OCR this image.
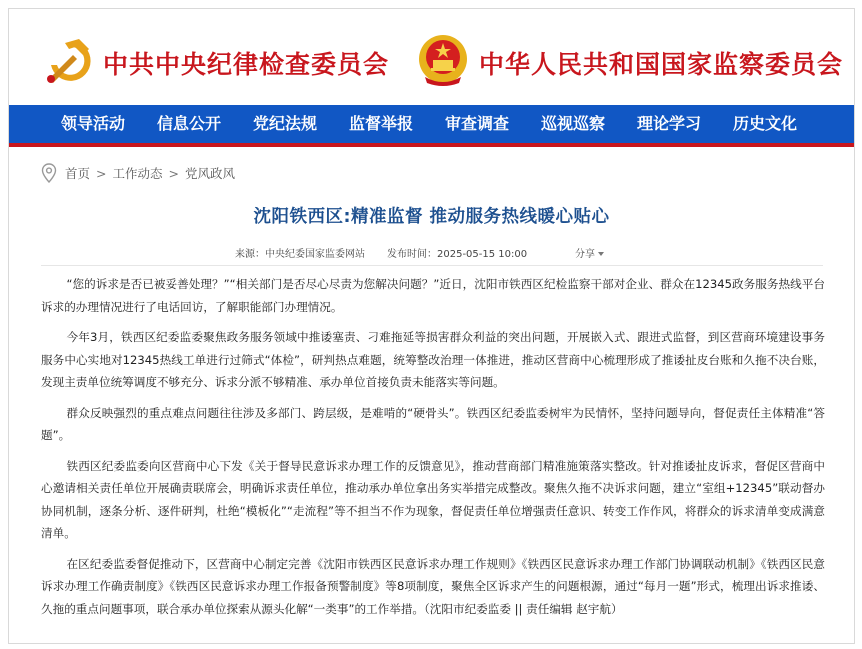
中共中央纪律检查委员会	中华人民共和国国家监察委员会
领导活动 信息公开 党纪法规 监督举报 审查调查 巡视巡察 理论学习 历史文化
首页 > 工作动态 > 党风政风
沈阳铁西区:精准监督 推动服务热线暖心贴心
来源：中央纪委国家监委网站 发布时间：2025-05-15 10:00	分享

“您的诉求是否已被妥善处理？”“相关部门是否尽心尽责为您解决问题？”近日，沈阳市铁西区纪检监察干部对企业、群众在12345政务服务热线平台诉求的办理情况进行了电话回访，了解职能部门办理情况。

今年3月，铁西区纪委监委聚焦政务服务领域中推诿塞责、刁难拖延等损害群众利益的突出问题，开展嵌入式、跟进式监督，到区营商环境建设事务服务中心实地对12345热线工单进行过筛式“体检”，研判热点难题，统筹整改治理一体推进，推动区营商中心梳理形成了推诿扯皮台账和久拖不决台账，发现主责单位统筹调度不够充分、诉求分派不够精准、承办单位首接负责未能落实等问题。

群众反映强烈的重点难点问题往往涉及多部门、跨层级，是难啃的“硬骨头”。铁西区纪委监委树牢为民情怀，坚持问题导向，督促责任主体精准“答题”。

铁西区纪委监委向区营商中心下发《关于督导民意诉求办理工作的反馈意见》，推动营商部门精准施策落实整改。针对推诿扯皮诉求，督促区营商中心邀请相关责任单位开展确责联席会，明确诉求责任单位，推动承办单位拿出务实举措完成整改。聚焦久拖不决诉求问题，建立“室组+12345”联动督办协同机制，逐条分析、逐件研判，杜绝“模板化”“走流程”等不担当不作为现象，督促责任单位增强责任意识、转变工作作风，将群众的诉求清单变成满意清单。

在区纪委监委督促推动下，区营商中心制定完善《沈阳市铁西区民意诉求办理工作规则》《铁西区民意诉求办理工作部门协调联动机制》《铁西区民意诉求办理工作确责制度》《铁西区民意诉求办理工作报备预警制度》等8项制度，聚焦全区诉求产生的问题根源，通过“每月一题”形式，梳理出诉求推诿、久拖的重点问题事项，联合承办单位探索从源头化解“一类事”的工作举措。（沈阳市纪委监委 || 责任编辑 赵宇航）
